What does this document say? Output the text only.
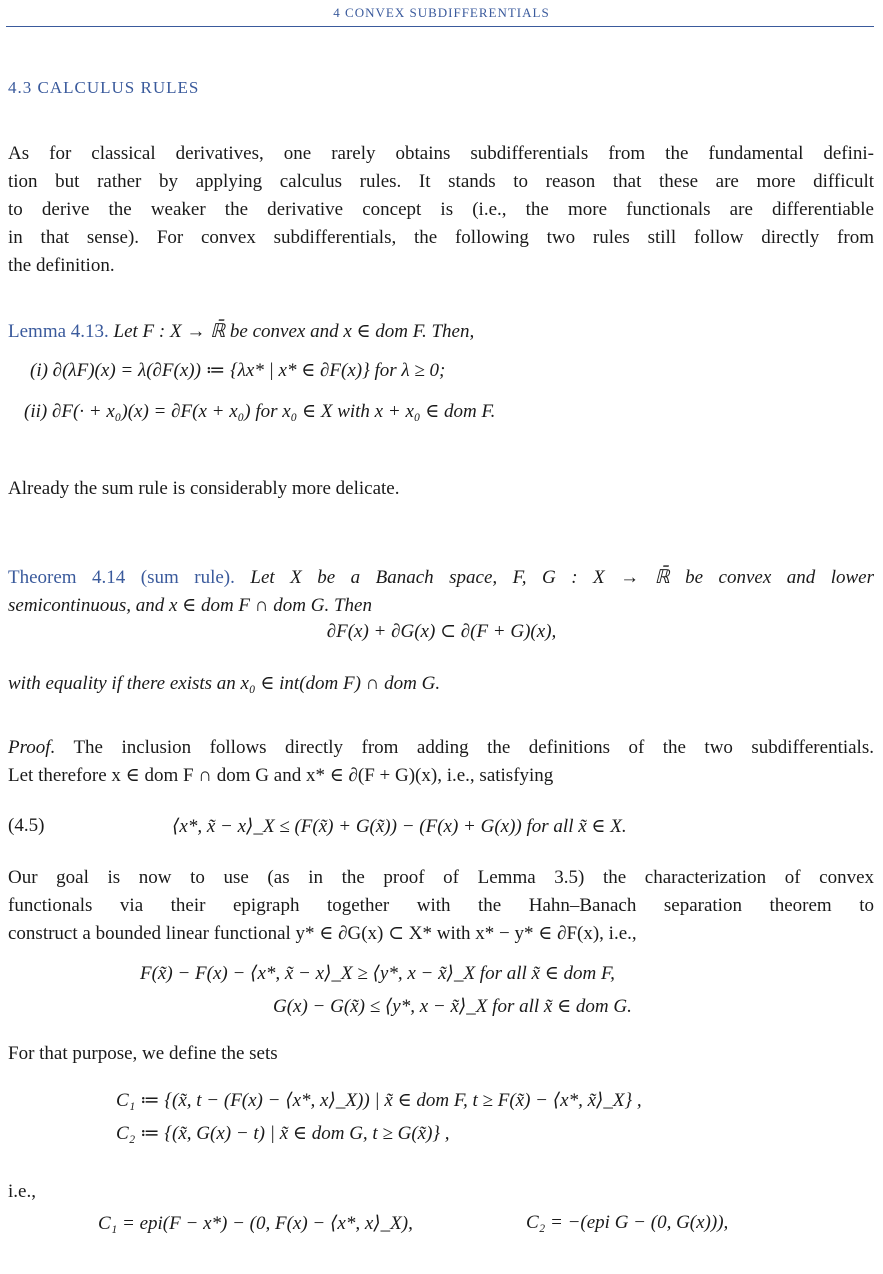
4 CONVEX SUBDIFFERENTIALS
4.3 CALCULUS RULES
As for classical derivatives, one rarely obtains subdifferentials from the fundamental defini-
tion but rather by applying calculus rules. It stands to reason that these are more difficult
to derive the weaker the derivative concept is (i.e., the more functionals are differentiable
in that sense). For convex subdifferentials, the following two rules still follow directly from
the definition.
Lemma 4.13. Let F : X → ℝ̄ be convex and x ∈ dom F. Then,
(i) ∂(λF)(x) = λ(∂F(x)) ≔ {λx* | x* ∈ ∂F(x)} for λ ≥ 0;
(ii) ∂F(· + x₀)(x) = ∂F(x + x₀) for x₀ ∈ X with x + x₀ ∈ dom F.
Already the sum rule is considerably more delicate.
Theorem 4.14 (sum rule). Let X be a Banach space, F, G : X → ℝ̄ be convex and lower
semicontinuous, and x ∈ dom F ∩ dom G. Then
∂F(x) + ∂G(x) ⊂ ∂(F + G)(x),
with equality if there exists an x₀ ∈ int(dom F) ∩ dom G.
Proof. The inclusion follows directly from adding the definitions of the two subdifferentials.
Let therefore x ∈ dom F ∩ dom G and x* ∈ ∂(F + G)(x), i.e., satisfying
(4.5)	⟨x*, x̃ − x⟩_X ≤ (F(x̃) + G(x̃)) − (F(x) + G(x)) for all x̃ ∈ X.
Our goal is now to use (as in the proof of Lemma 3.5) the characterization of convex
functionals via their epigraph together with the Hahn–Banach separation theorem to
construct a bounded linear functional y* ∈ ∂G(x) ⊂ X* with x* − y* ∈ ∂F(x), i.e.,
F(x̃) − F(x) − ⟨x*, x̃ − x⟩_X ≥ ⟨y*, x − x̃⟩_X for all x̃ ∈ dom F,
G(x) − G(x̃) ≤ ⟨y*, x − x̃⟩_X for all x̃ ∈ dom G.
For that purpose, we define the sets
C₁ ≔ {(x̃, t − (F(x) − ⟨x*, x⟩_X)) | x̃ ∈ dom F, t ≥ F(x̃) − ⟨x*, x̃⟩_X} ,
C₂ ≔ {(x̃, G(x) − t) | x̃ ∈ dom G, t ≥ G(x̃)} ,
i.e.,
C₁ = epi(F − x*) − (0, F(x) − ⟨x*, x⟩_X),	C₂ = −(epi G − (0, G(x))),
